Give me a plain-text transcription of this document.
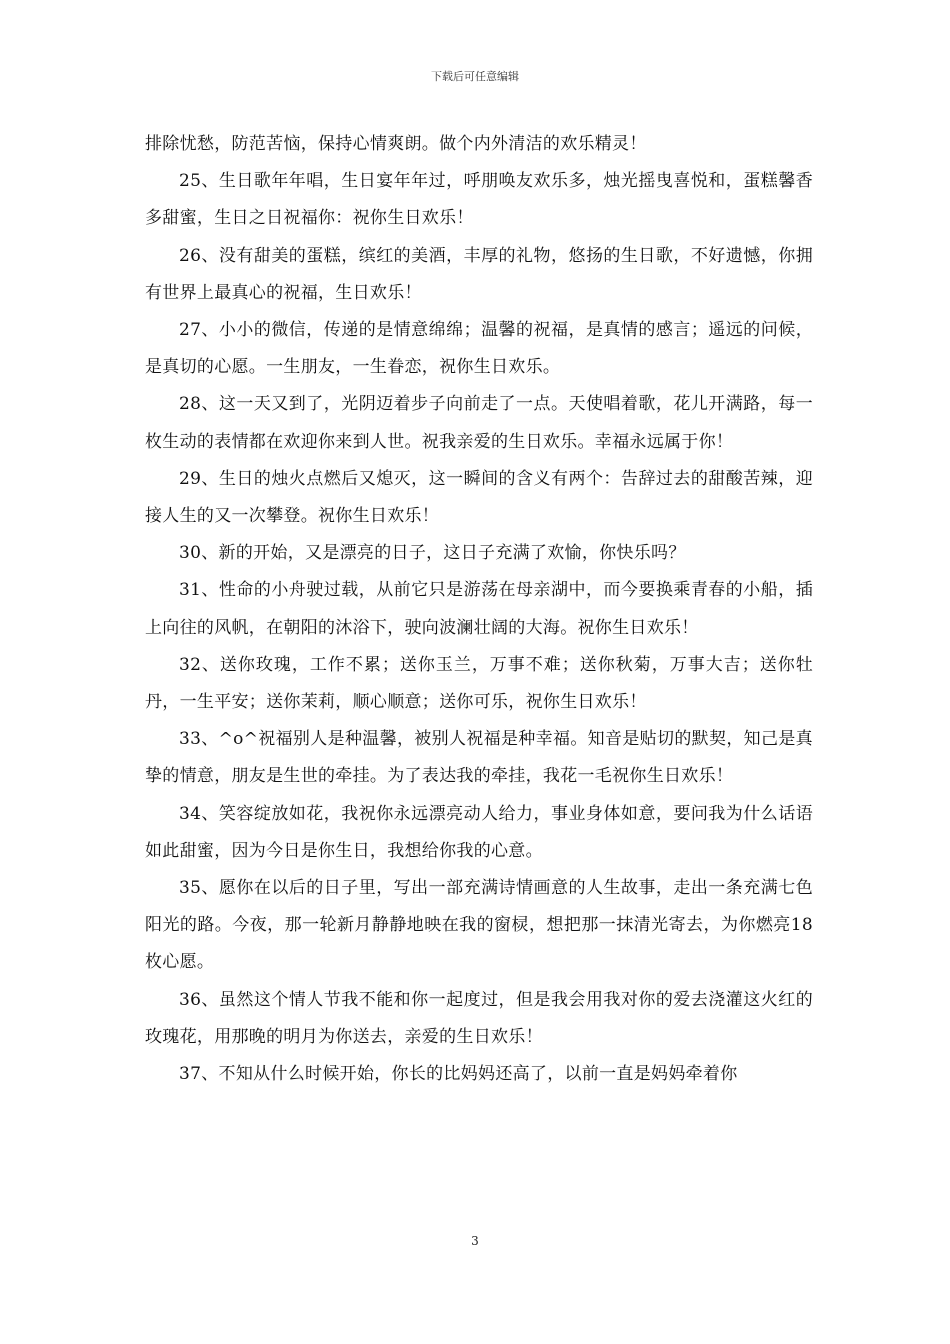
下载后可任意编辑

排除忧愁，防范苦恼，保持心情爽朗。做个内外清洁的欢乐精灵！

25、生日歌年年唱，生日宴年年过，呼朋唤友欢乐多，烛光摇曳喜悦和，蛋糕馨香多甜蜜，生日之日祝福你：祝你生日欢乐！

26、没有甜美的蛋糕，缤红的美酒，丰厚的礼物，悠扬的生日歌，不好遗憾，你拥有世界上最真心的祝福，生日欢乐！

27、小小的微信，传递的是情意绵绵；温馨的祝福，是真情的感言；遥远的问候，是真切的心愿。一生朋友，一生眷恋，祝你生日欢乐。

28、这一天又到了，光阴迈着步子向前走了一点。天使唱着歌，花儿开满路，每一枚生动的表情都在欢迎你来到人世。祝我亲爱的生日欢乐。幸福永远属于你！

29、生日的烛火点燃后又熄灭，这一瞬间的含义有两个：告辞过去的甜酸苦辣，迎接人生的又一次攀登。祝你生日欢乐！

30、新的开始，又是漂亮的日子，这日子充满了欢愉，你快乐吗？

31、性命的小舟驶过载，从前它只是游荡在母亲湖中，而今要换乘青春的小船，插上向往的风帆，在朝阳的沐浴下，驶向波澜壮阔的大海。祝你生日欢乐！

32、送你玫瑰，工作不累；送你玉兰，万事不难；送你秋菊，万事大吉；送你牡丹，一生平安；送你茉莉，顺心顺意；送你可乐，祝你生日欢乐！

33、^o^祝福别人是种温馨，被别人祝福是种幸福。知音是贴切的默契，知己是真挚的情意，朋友是生世的牵挂。为了表达我的牵挂，我花一毛祝你生日欢乐！

34、笑容绽放如花，我祝你永远漂亮动人给力，事业身体如意，要问我为什么话语如此甜蜜，因为今日是你生日，我想给你我的心意。

35、愿你在以后的日子里，写出一部充满诗情画意的人生故事，走出一条充满七色阳光的路。今夜，那一轮新月静静地映在我的窗棂，想把那一抹清光寄去，为你燃亮18枚心愿。

36、虽然这个情人节我不能和你一起度过，但是我会用我对你的爱去浇灌这火红的玫瑰花，用那晚的明月为你送去，亲爱的生日欢乐！

37、不知从什么时候开始，你长的比妈妈还高了，以前一直是妈妈牵着你

3
